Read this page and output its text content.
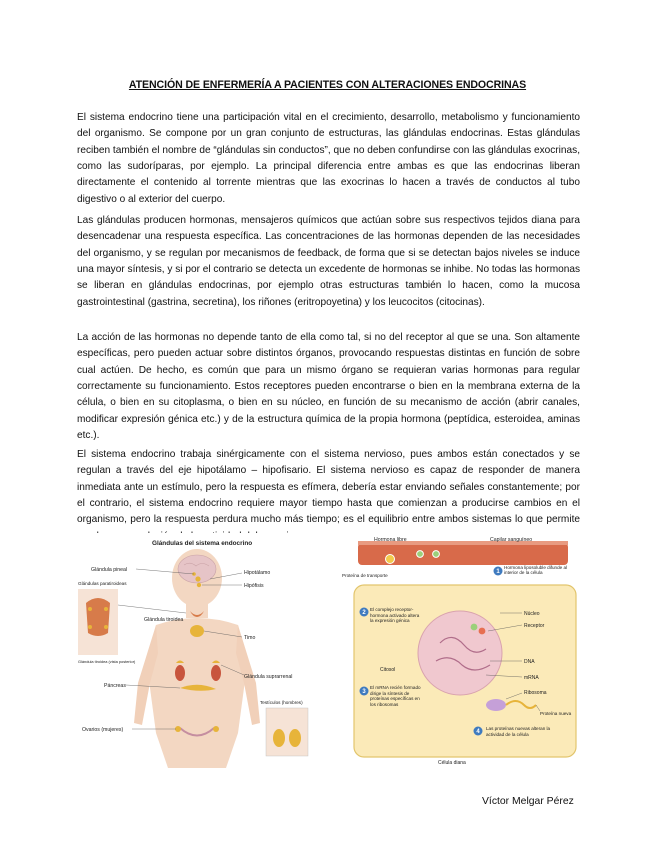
ATENCIÓN DE ENFERMERÍA A PACIENTES CON ALTERACIONES ENDOCRINAS

El sistema endocrino tiene una participación vital en el crecimiento, desarrollo, metabolismo y funcionamiento del organismo. Se compone por un gran conjunto de estructuras, las glándulas endocrinas. Estas glándulas reciben también el nombre de “glándulas sin conductos”, que no deben confundirse con las glándulas exocrinas, como las sudoríparas, por ejemplo. La principal diferencia entre ambas es que las endocrinas liberan directamente el contenido al torrente mientras que las exocrinas lo hacen a través de conductos al tubo digestivo o al exterior del cuerpo.

Las glándulas producen hormonas, mensajeros químicos que actúan sobre sus respectivos tejidos diana para desencadenar una respuesta específica. Las concentraciones de las hormonas dependen de las necesidades del organismo, y se regulan por mecanismos de feedback, de forma que si se detectan bajos niveles se induce una mayor síntesis, y si por el contrario se detecta un excedente de hormonas se inhibe. No todas las hormonas se liberan en glándulas endocrinas, por ejemplo otras estructuras también lo hacen, como la mucosa gastrointestinal (gastrina, secretina), los riñones (eritropoyetina) y los leucocitos (citocinas).

La acción de las hormonas no depende tanto de ella como tal, si no del receptor al que se una. Son altamente específicas, pero pueden actuar sobre distintos órganos, provocando respuestas distintas en función de sobre cual actúen. De hecho, es común que para un mismo órgano se requieran varias hormonas para regular correctamente su funcionamiento. Estos receptores pueden encontrarse o bien en la membrana externa de la célula, o bien en su citoplasma, o bien en su núcleo, en función de su mecanismo de acción (abrir canales, modificar expresión génica etc.) y de la estructura química de la propia hormona (peptídica, esteroidea, aminas etc.).

El sistema endocrino trabaja sinérgicamente con el sistema nervioso, pues ambos están conectados y se regulan a través del eje hipotálamo – hipofisario. El sistema nervioso es capaz de responder de manera inmediata ante un estímulo, pero la respuesta es efímera, debería estar enviando señales constantemente; por el contrario, el sistema endocrino requiere mayor tiempo hasta que comienzan a producirse cambios en el organismo, pero la respuesta perdura mucho más tiempo; es el equilibrio entre ambos sistemas lo que permite

Glándulas del sistema endocrino
Glándula pineal	Hipotálamo
Hipófisis
Glándulas paratiroideas
Glándula tiroidea (vista posterior)
Glándula tiroidea
Timo
Glándula suprarrenal
Páncreas
Testículos (hombres)
Ovarios (mujeres)
Hormona libre	Capilar sanguíneo
Proteína de transporte
1
2
3
4
Hormona liposoluble difunde al interior de la célula
El complejo receptor-hormona activado altera la expresión génica
El mRNA recién formado dirige la síntesis de proteínas específicas en los ribosomas
Las proteínas nuevas alteran la actividad de la célula
Núcleo
Receptor
DNA
Citosol
mRNA
Ribosoma
Proteína nueva
Célula diana
Víctor Melgar Pérez
